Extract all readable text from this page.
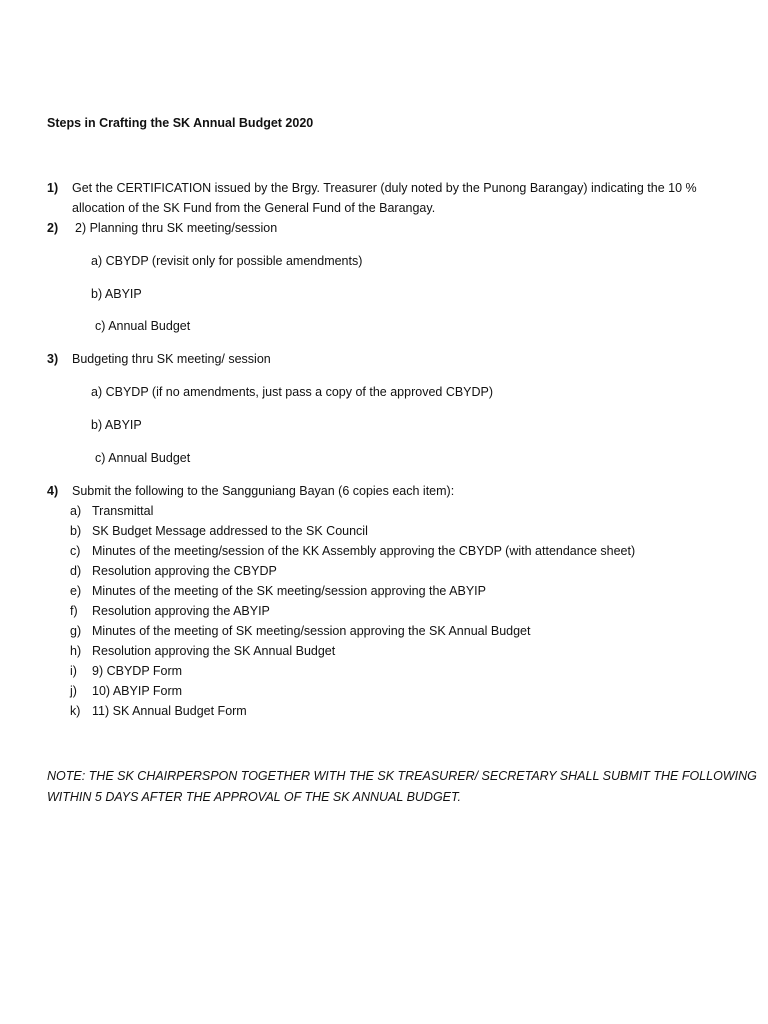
Steps in Crafting the SK Annual Budget 2020
1) Get the CERTIFICATION issued by the Brgy. Treasurer (duly noted by the Punong Barangay) indicating the 10 %
allocation of the SK Fund from the General Fund of the Barangay.
2) 2) Planning thru SK meeting/session
a) CBYDP (revisit only for possible amendments)
b) ABYIP
c) Annual Budget
3) Budgeting thru SK meeting/ session
a) CBYDP (if no amendments, just pass a copy of the approved CBYDP)
b) ABYIP
c) Annual Budget
4) Submit the following to the Sangguniang Bayan (6 copies each item):
a) Transmittal
b) SK Budget Message addressed to the SK Council
c) Minutes of the meeting/session of the KK Assembly approving the CBYDP (with attendance sheet)
d) Resolution approving the CBYDP
e) Minutes of the meeting of the SK meeting/session approving the ABYIP
f) Resolution approving the ABYIP
g) Minutes of the meeting of SK meeting/session approving the SK Annual Budget
h) Resolution approving the SK Annual Budget
i) 9) CBYDP Form
j) 10) ABYIP Form
k) 11) SK Annual Budget Form
NOTE: THE SK CHAIRPERSPON TOGETHER WITH THE SK TREASURER/ SECRETARY SHALL SUBMIT THE FOLLOWING
WITHIN 5 DAYS AFTER THE APPROVAL OF THE SK ANNUAL BUDGET.
